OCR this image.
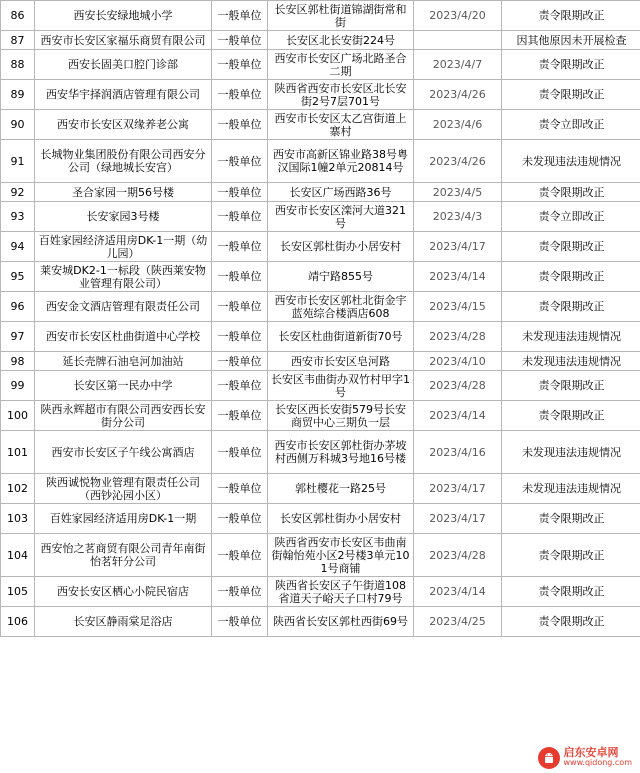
86	西安长安绿地城小学	一般单位	长安区郭杜街道锦湖街常和街	2023/4/20	责令限期改正
87	西安市长安区家福乐商贸有限公司	一般单位	长安区北长安街224号		因其他原因未开展检查
88	西安长固美口腔门诊部	一般单位	西安市长安区广场北路圣合二期	2023/4/7	责令限期改正
89	西安华宇择润酒店管理有限公司	一般单位	陕西省西安市长安区北长安街2号7层701号	2023/4/26	责令限期改正
90	西安市长安区双缘养老公寓	一般单位	西安市长安区太乙宫街道上寨村	2023/4/6	责令立即改正
91	长城物业集团股份有限公司西安分公司（绿地城长安宫）	一般单位	西安市高新区锦业路38号粤汉国际1幢2单元20814号	2023/4/26	未发现违法违规情况
92	圣合家园一期56号楼	一般单位	长安区广场西路36号	2023/4/5	责令限期改正
93	长安家园3号楼	一般单位	西安市长安区滦河大道321号	2023/4/3	责令立即改正
94	百姓家园经济适用房DK-1一期（幼儿园）	一般单位	长安区郭杜街办小居安村	2023/4/17	责令限期改正
95	莱安城DK2-1一标段（陕西莱安物业管理有限公司）	一般单位	靖宁路855号	2023/4/14	责令限期改正
96	西安金文酒店管理有限责任公司	一般单位	西安市长安区郭杜北街金宇蓝苑综合楼酒店608	2023/4/15	责令限期改正
97	西安市长安区杜曲街道中心学校	一般单位	长安区杜曲街道新街70号	2023/4/28	未发现违法违规情况
98	延长壳牌石油皂河加油站	一般单位	西安市长安区皂河路	2023/4/10	未发现违法违规情况
99	长安区第一民办中学	一般单位	长安区韦曲街办双竹村甲字1号	2023/4/28	责令限期改正
100	陕西永辉超市有限公司西安西长安街分公司	一般单位	长安区西长安街579号长安商贸中心三期负一层	2023/4/14	责令限期改正
101	西安市长安区子午线公寓酒店	一般单位	西安市长安区郭杜街办茅坡村西侧万科城3号地16号楼	2023/4/16	未发现违法违规情况
102	陕西诚悦物业管理有限责任公司（西钞沁园小区）	一般单位	郭杜樱花一路25号	2023/4/17	未发现违法违规情况
103	百姓家园经济适用房DK-1一期	一般单位	长安区郭杜街办小居安村	2023/4/17	责令限期改正
104	西安怡之茗商贸有限公司青年南街怡茗轩分公司	一般单位	陕西省西安市长安区韦曲南街翰怡苑小区2号楼3单元101号商铺	2023/4/28	责令限期改正
105	西安长安区栖心小院民宿店	一般单位	陕西省长安区子午街道108省道天子峪天子口村79号	2023/4/14	责令限期改正
106	长安区静雨棠足浴店	一般单位	陕西省长安区郭杜西街69号	2023/4/25	责令限期改正
启东安卓网
www.qidong.com
